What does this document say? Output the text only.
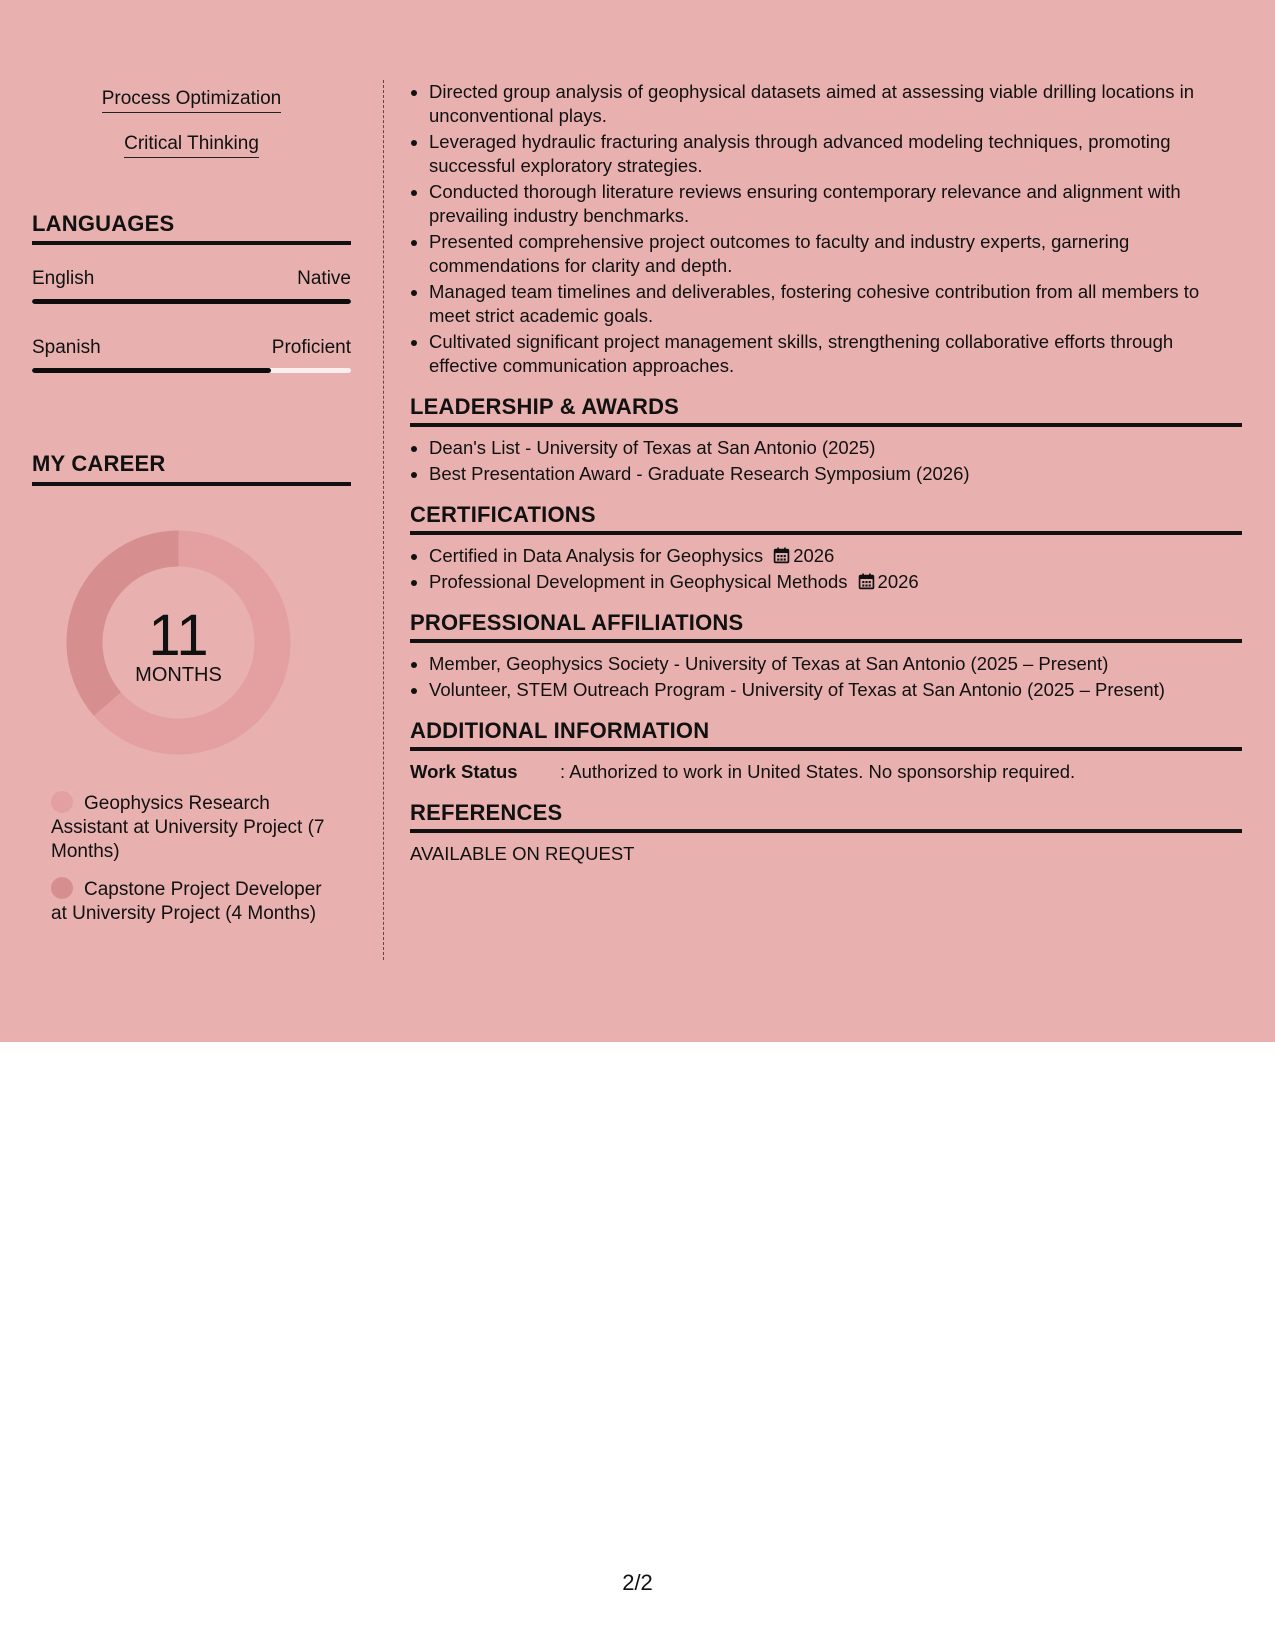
Process Optimization
Critical Thinking
LANGUAGES
English	Native
Spanish	Proficient
MY CAREER
11
MONTHS
Geophysics Research Assistant at University Project (7 Months)
Capstone Project Developer at University Project (4 Months)
• Directed group analysis of geophysical datasets aimed at assessing viable drilling locations in unconventional plays.
• Leveraged hydraulic fracturing analysis through advanced modeling techniques, promoting successful exploratory strategies.
• Conducted thorough literature reviews ensuring contemporary relevance and alignment with prevailing industry benchmarks.
• Presented comprehensive project outcomes to faculty and industry experts, garnering commendations for clarity and depth.
• Managed team timelines and deliverables, fostering cohesive contribution from all members to meet strict academic goals.
• Cultivated significant project management skills, strengthening collaborative efforts through effective communication approaches.
LEADERSHIP & AWARDS
• Dean's List - University of Texas at San Antonio (2025)
• Best Presentation Award - Graduate Research Symposium (2026)
CERTIFICATIONS
• Certified in Data Analysis for Geophysics 2026
• Professional Development in Geophysical Methods 2026
PROFESSIONAL AFFILIATIONS
• Member, Geophysics Society - University of Texas at San Antonio (2025 – Present)
• Volunteer, STEM Outreach Program - University of Texas at San Antonio (2025 – Present)
ADDITIONAL INFORMATION
Work Status	: Authorized to work in United States. No sponsorship required.
REFERENCES
AVAILABLE ON REQUEST
2/2
